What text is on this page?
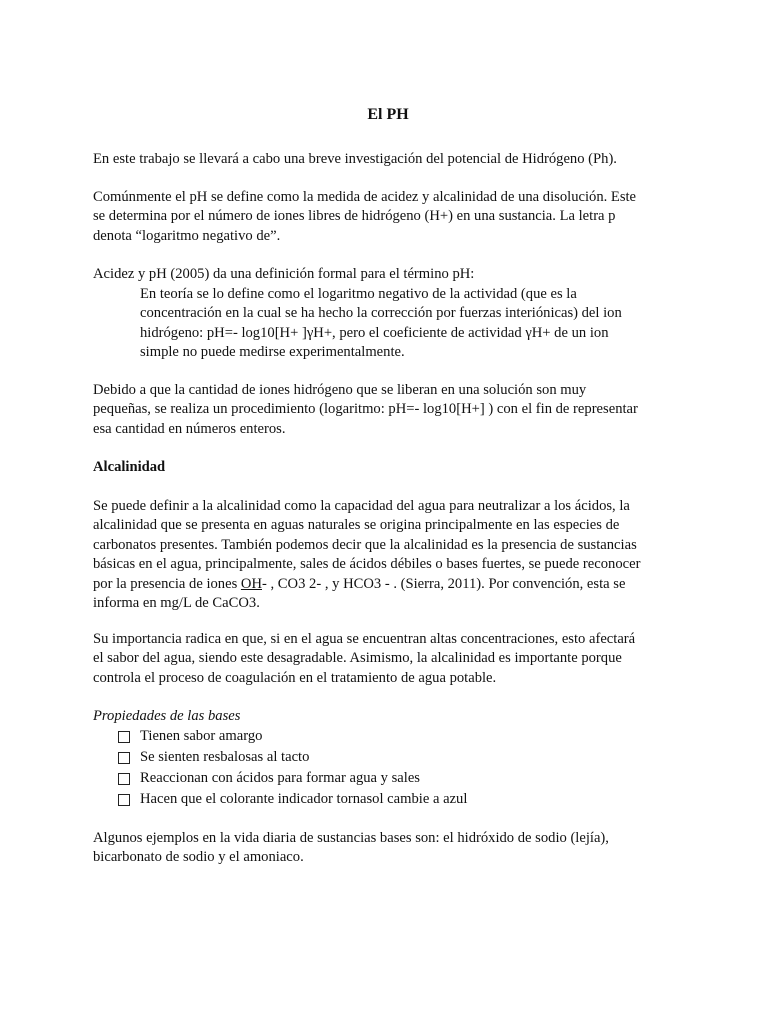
El PH

En este trabajo se llevará a cabo una breve investigación del potencial de Hidrógeno (Ph).

Comúnmente el pH se define como la medida de acidez y alcalinidad de una disolución. Este
se determina por el número de iones libres de hidrógeno (H+) en una sustancia. La letra p
denota “logaritmo negativo de”.

Acidez y pH (2005) da una definición formal para el término pH:

En teoría se lo define como el logaritmo negativo de la actividad (que es la
concentración en la cual se ha hecho la corrección por fuerzas interiónicas) del ion
hidrógeno: pH=- log10[H+ ]γH+, pero el coeficiente de actividad γH+ de un ion
simple no puede medirse experimentalmente.
Debido a que la cantidad de iones hidrógeno que se liberan en una solución son muy
pequeñas, se realiza un procedimiento (logaritmo: pH=- log10[H+] ) con el fin de representar
esa cantidad en números enteros.
Alcalinidad
Se puede definir a la alcalinidad como la capacidad del agua para neutralizar a los ácidos, la
alcalinidad que se presenta en aguas naturales se origina principalmente en las especies de
carbonatos presentes. También podemos decir que la alcalinidad es la presencia de sustancias
básicas en el agua, principalmente, sales de ácidos débiles o bases fuertes, se puede reconocer
por la presencia de iones OH- , CO3 2- , y HCO3 - . (Sierra, 2011). Por convención, esta se
informa en mg/L de CaCO3.
Su importancia radica en que, si en el agua se encuentran altas concentraciones, esto afectará
el sabor del agua, siendo este desagradable. Asimismo, la alcalinidad es importante porque
controla el proceso de coagulación en el tratamiento de agua potable.

Propiedades de las bases

Tienen sabor amargo
Se sienten resbalosas al tacto
Reaccionan con ácidos para formar agua y sales
Hacen que el colorante indicador tornasol cambie a azul
Algunos ejemplos en la vida diaria de sustancias bases son: el hidróxido de sodio (lejía),
bicarbonato de sodio y el amoniaco.
